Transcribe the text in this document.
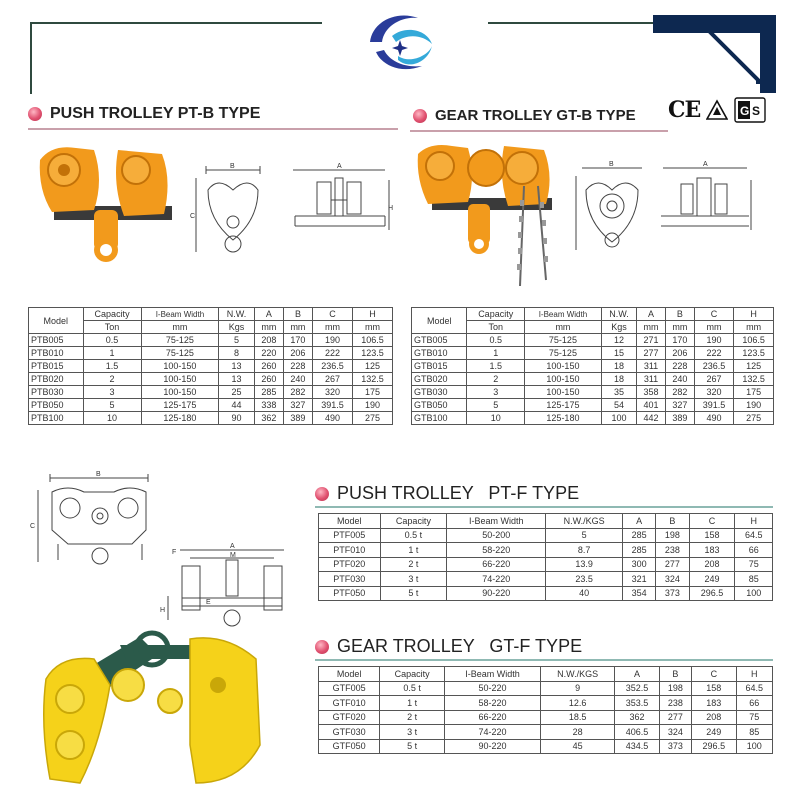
PUSH TROLLEY PT-B TYPE	GEAR TROLLEY GT-B TYPE CE	G S
B
C
A
H
B	A
Model	Capacity	I-Beam Width	N.W.	A	B	C	H
	Ton	mm	Kgs	mm	mm	mm	mm
PTB005	0.5	75-125	5	208	170	190	106.5
PTB010	1	75-125	8	220	206	222	123.5
PTB015	1.5	100-150	13	260	228	236.5	125
PTB020	2	100-150	13	260	240	267	132.5
PTB030	3	100-150	25	285	282	320	175
PTB050	5	125-175	44	338	327	391.5	190
PTB100	10	125-180	90	362	389	490	275
Model	Capacity	I-Beam Width	N.W.	A	B	C	H
	Ton	mm	Kgs	mm	mm	mm	mm
GTB005	0.5	75-125	12	271	170	190	106.5
GTB010	1	75-125	15	277	206	222	123.5
GTB015	1.5	100-150	18	311	228	236.5	125
GTB020	2	100-150	18	311	240	267	132.5
GTB030	3	100-150	35	358	282	320	175
GTB050	5	125-175	54	401	327	391.5	190
GTB100	10	125-180	100	442	389	490	275
B
C
A
M
F
E
H
PUSH TROLLEY   PT-F TYPE
Model	Capacity	I-Beam Width	N.W./KGS	A	B	C	H
PTF005	0.5 t	50-200	5	285	198	158	64.5
PTF010	1 t	58-220	8.7	285	238	183	66
PTF020	2 t	66-220	13.9	300	277	208	75
PTF030	3 t	74-220	23.5	321	324	249	85
PTF050	5 t	90-220	40	354	373	296.5	100
GEAR TROLLEY   GT-F TYPE
Model	Capacity	I-Beam Width	N.W./KGS	A	B	C	H
GTF005	0.5 t	50-220	9	352.5	198	158	64.5
GTF010	1 t	58-220	12.6	353.5	238	183	66
GTF020	2 t	66-220	18.5	362	277	208	75
GTF030	3 t	74-220	28	406.5	324	249	85
GTF050	5 t	90-220	45	434.5	373	296.5	100
